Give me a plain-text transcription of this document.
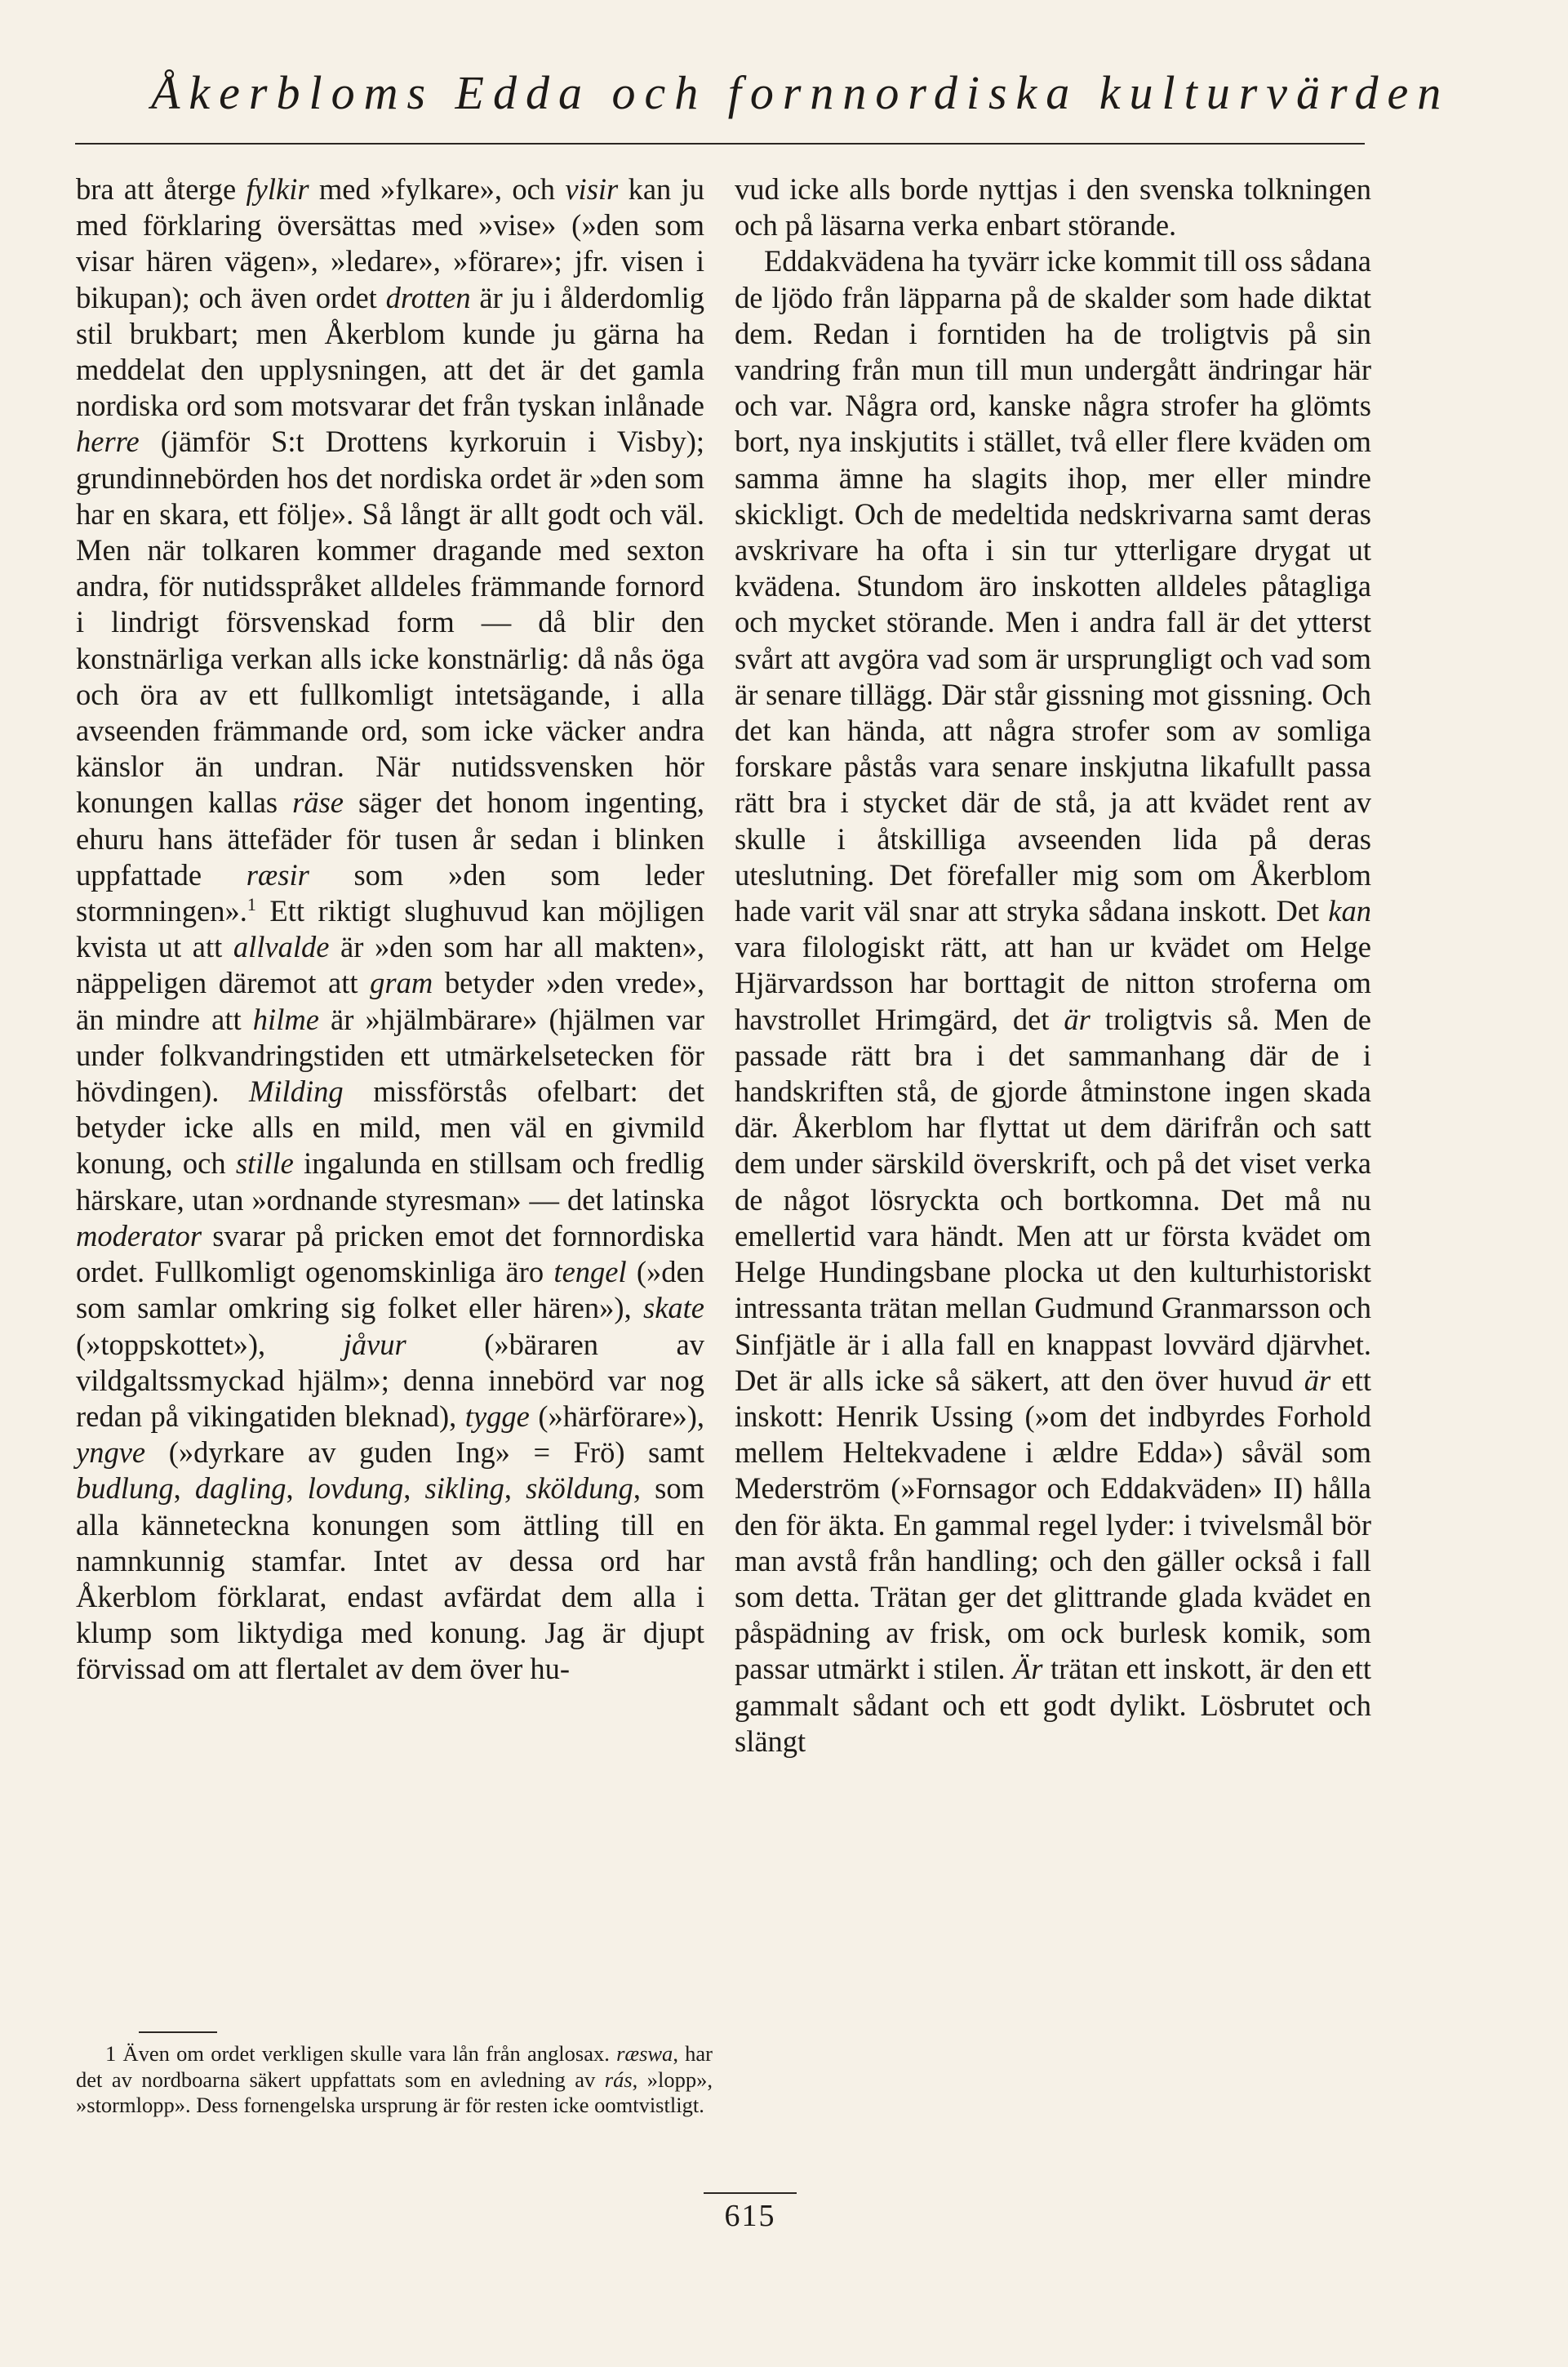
Åkerbloms Edda och fornnordiska kulturvärden

bra att återge fylkir med »fylkare», och visir kan ju med förklaring översättas med »vise» (»den som visar hären vägen», »ledare», »förare»; jfr. visen i bikupan); och även ordet drotten är ju i ålderdomlig stil brukbart; men Åkerblom kunde ju gärna ha meddelat den upplysningen, att det är det gamla nordiska ord som motsvarar det från tyskan inlånade herre (jämför S:t Drottens kyrkoruin i Visby); grundinnebörden hos det nordiska ordet är »den som har en skara, ett följe». Så långt är allt godt och väl. Men när tolkaren kommer dragande med sexton andra, för nutidsspråket alldeles främmande fornord i lindrigt försvenskad form — då blir den konstnärliga verkan alls icke konstnärlig: då nås öga och öra av ett fullkomligt intetsägande, i alla avseenden främmande ord, som icke väcker andra känslor än undran. När nutidssvensken hör konungen kallas räse säger det honom ingenting, ehuru hans ättefäder för tusen år sedan i blinken uppfattade ræsir som »den som leder stormningen».$^1$ Ett riktigt slughuvud kan möjligen kvista ut att allvalde är »den som har all makten», näppeligen däremot att gram betyder »den vrede», än mindre att hilme är »hjälmbärare» (hjälmen var under folkvandringstiden ett utmärkelsetecken för hövdingen). Milding missförstås ofelbart: det betyder icke alls en mild, men väl en givmild konung, och stille ingalunda en stillsam och fredlig härskare, utan »ordnande styresman» — det latinska moderator svarar på pricken emot det fornnordiska ordet. Fullkomligt ogenomskinliga äro tengel (»den som samlar omkring sig folket eller hären»), skate (»toppskottet»), jåvur (»bäraren av vildgaltssmyckad hjälm»; denna innebörd var nog redan på vikingatiden bleknad), tygge (»härförare»), yngve (»dyrkare av guden Ing» = Frö) samt budlung, dagling, lovdung, sikling, sköldung, som alla känneteckna konungen som ättling till en namnkunnig stamfar. Intet av dessa ord har Åkerblom förklarat, endast avfärdat dem alla i klump som liktydiga med konung. Jag är djupt förvissad om att flertalet av dem över hu-

vud icke alls borde nyttjas i den svenska tolkningen och på läsarna verka enbart störande.

Eddakvädena ha tyvärr icke kommit till oss sådana de ljödo från läpparna på de skalder som hade diktat dem. Redan i forntiden ha de troligtvis på sin vandring från mun till mun undergått ändringar här och var. Några ord, kanske några strofer ha glömts bort, nya inskjutits i stället, två eller flere kväden om samma ämne ha slagits ihop, mer eller mindre skickligt. Och de medeltida nedskrivarna samt deras avskrivare ha ofta i sin tur ytterligare drygat ut kvädena. Stundom äro inskotten alldeles påtagliga och mycket störande. Men i andra fall är det ytterst svårt att avgöra vad som är ursprungligt och vad som är senare tillägg. Där står gissning mot gissning. Och det kan hända, att några strofer som av somliga forskare påstås vara senare inskjutna likafullt passa rätt bra i stycket där de stå, ja att kvädet rent av skulle i åtskilliga avseenden lida på deras uteslutning. Det förefaller mig som om Åkerblom hade varit väl snar att stryka sådana inskott. Det kan vara filologiskt rätt, att han ur kvädet om Helge Hjärvardsson har borttagit de nitton stroferna om havstrollet Hrimgärd, det är troligtvis så. Men de passade rätt bra i det sammanhang där de i handskriften stå, de gjorde åtminstone ingen skada där. Åkerblom har flyttat ut dem därifrån och satt dem under särskild överskrift, och på det viset verka de något lösryckta och bortkomna. Det må nu emellertid vara händt. Men att ur första kvädet om Helge Hundingsbane plocka ut den kulturhistoriskt intressanta trätan mellan Gudmund Granmarsson och Sinfjätle är i alla fall en knappast lovvärd djärvhet. Det är alls icke så säkert, att den över huvud är ett inskott: Henrik Ussing (»om det indbyrdes Forhold mellem Heltekvadene i ældre Edda») såväl som Mederström (»Fornsagor och Eddakväden» II) hålla den för äkta. En gammal regel lyder: i tvivelsmål bör man avstå från handling; och den gäller också i fall som detta. Trätan ger det glittrande glada kvädet en påspädning av frisk, om ock burlesk komik, som passar utmärkt i stilen. Är trätan ett inskott, är den ett gammalt sådant och ett godt dylikt. Lösbrutet och slängt

1 Även om ordet verkligen skulle vara lån från anglosax. ræswa, har det av nordboarna säkert uppfattats som en avledning av rás, »lopp», »stormlopp». Dess fornengelska ursprung är för resten icke oomtvistligt.
615
